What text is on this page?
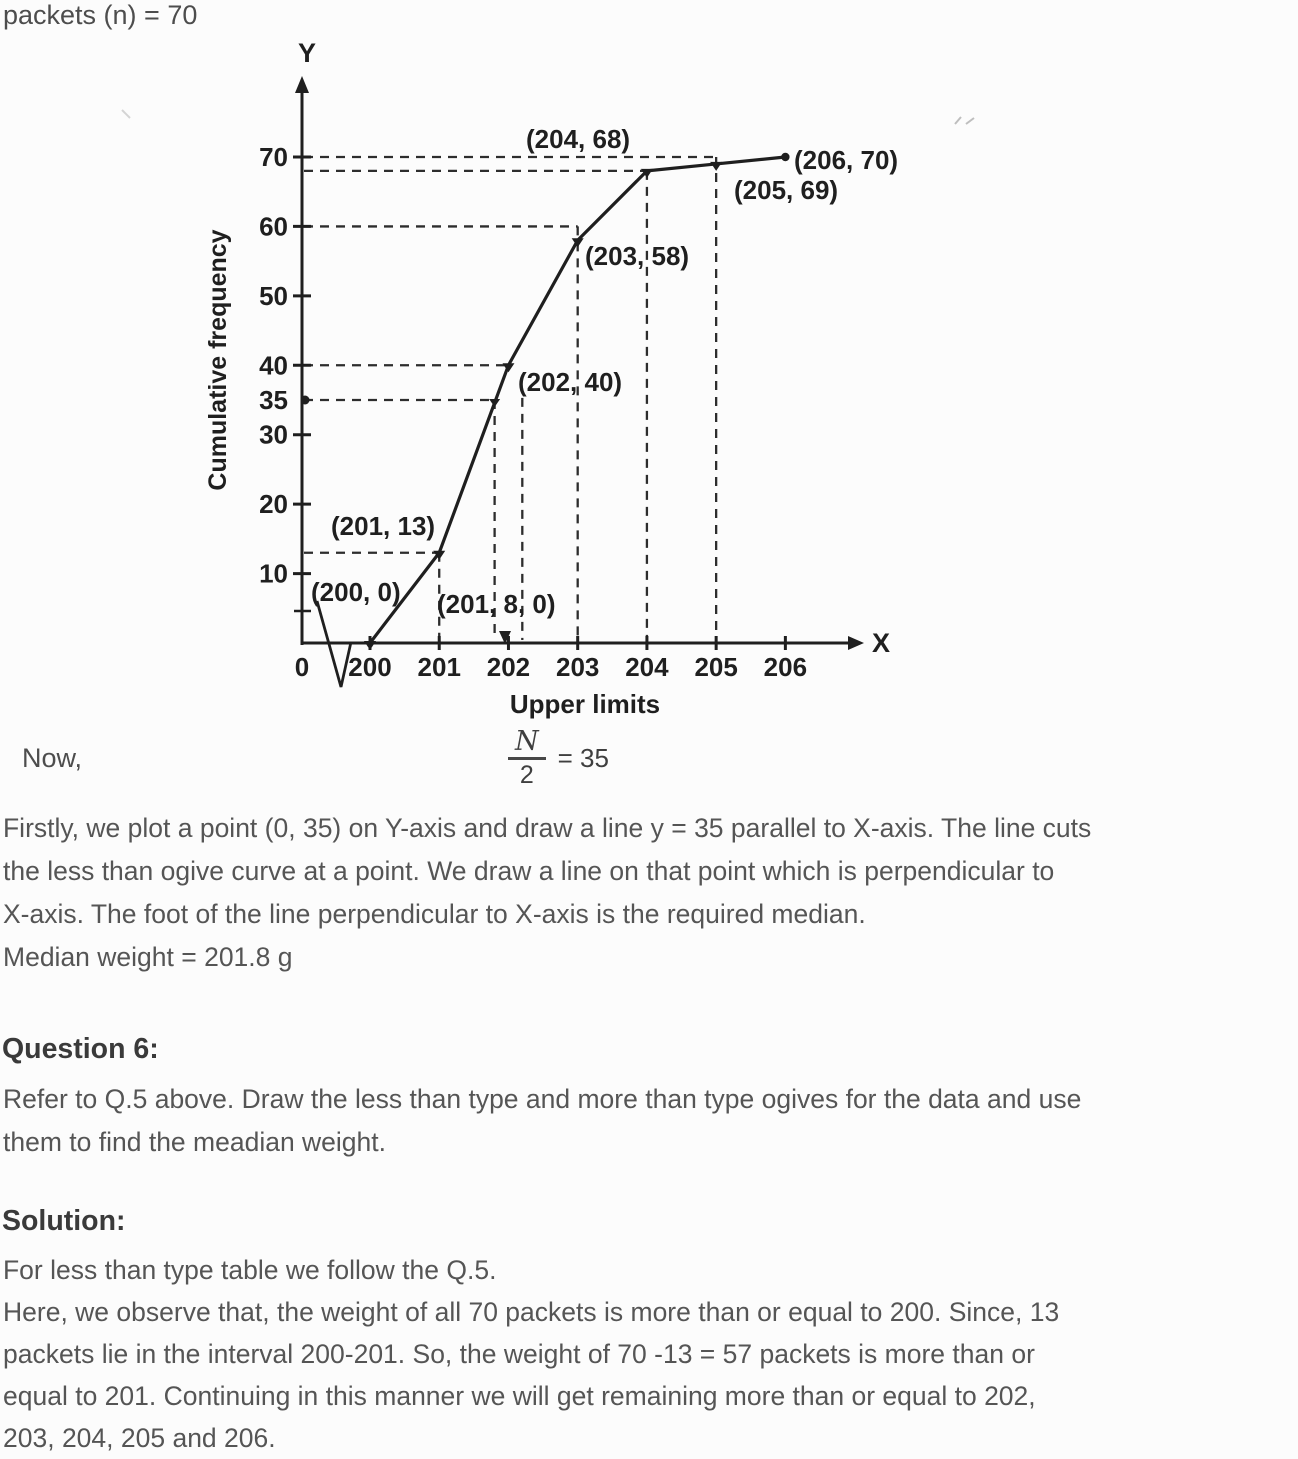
packets (n) = 70
Y
X
70
60
50
40
35
30
20
10
0 200 201 202 203 204 205 206
(200, 0)
(201, 13)
(202, 40)
(203, 58)
(204, 68)
(205, 69)
(206, 70)
(201, 8, 0)
Upper limits
Cumulative frequency
Now,	$\frac{N}{2} = 35$
Firstly, we plot a point (0, 35) on Y-axis and draw a line y = 35 parallel to X-axis. The line cuts
the less than ogive curve at a point. We draw a line on that point which is perpendicular to
X-axis. The foot of the line perpendicular to X-axis is the required median.
Median weight = 201.8 g
Question 6:
Refer to Q.5 above. Draw the less than type and more than type ogives for the data and use
them to find the meadian weight.
Solution:
For less than type table we follow the Q.5.
Here, we observe that, the weight of all 70 packets is more than or equal to 200. Since, 13
packets lie in the interval 200-201. So, the weight of 70 -13 = 57 packets is more than or
equal to 201. Continuing in this manner we will get remaining more than or equal to 202,
203, 204, 205 and 206.
